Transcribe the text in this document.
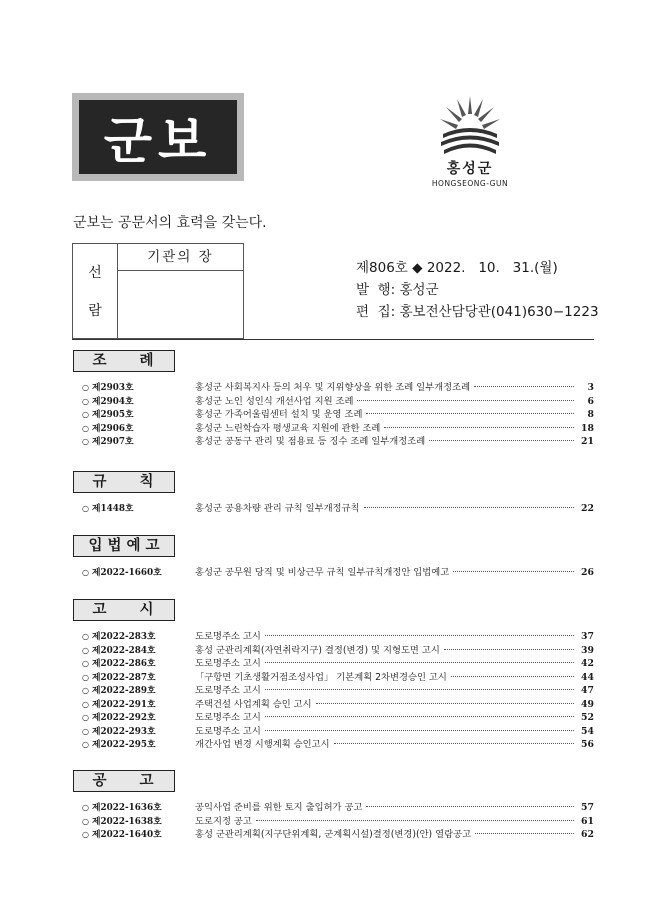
군보	홍성군
HONGSEONG-GUN
군보는 공문서의 효력을 갖는다.
선
람
기관의 장
제806호 ◆ 2022.   10.   31.(월)
발  행: 홍성군
편  집: 홍보전산담당관(041)630−1223
조 례
○ 제2903호	홍성군 사회복지사 등의 처우 및 지위향상을 위한 조례 일부개정조례	3
○ 제2904호	홍성군 노인 성인식 개선사업 지원 조례	6
○ 제2905호	홍성군 가족어울림센터 설치 및 운영 조례	8
○ 제2906호	홍성군 느린학습자 평생교육 지원에 관한 조례	18
○ 제2907호	홍성군 공동구 관리 및 점용료 등 징수 조례 일부개정조례	21
규 칙
○ 제1448호	홍성군 공용차량 관리 규칙 일부개정규칙	22
입법예고
○ 제2022-1660호	홍성군 공무원 당직 및 비상근무 규칙 일부규칙개정안 입법예고	26
고 시
○ 제2022-283호	도로명주소 고시	37
○ 제2022-284호	홍성 군관리계획(자연취락지구) 결정(변경) 및 지형도면 고시	39
○ 제2022-286호	도로명주소 고시	42
○ 제2022-287호	「구항면 기초생활거점조성사업」 기본계획 2차변경승인 고시	44
○ 제2022-289호	도로명주소 고시	47
○ 제2022-291호	주택건설 사업계획 승인 고시	49
○ 제2022-292호	도로명주소 고시	52
○ 제2022-293호	도로명주소 고시	54
○ 제2022-295호	개간사업 변경 시행계획 승인고시	56
공 고
○ 제2022-1636호	공익사업 준비를 위한 토지 출입허가 공고	57
○ 제2022-1638호	도로지정 공고	61
○ 제2022-1640호	홍성 군관리계획(지구단위계획, 군계획시설)결정(변경)(안) 열람공고	62
